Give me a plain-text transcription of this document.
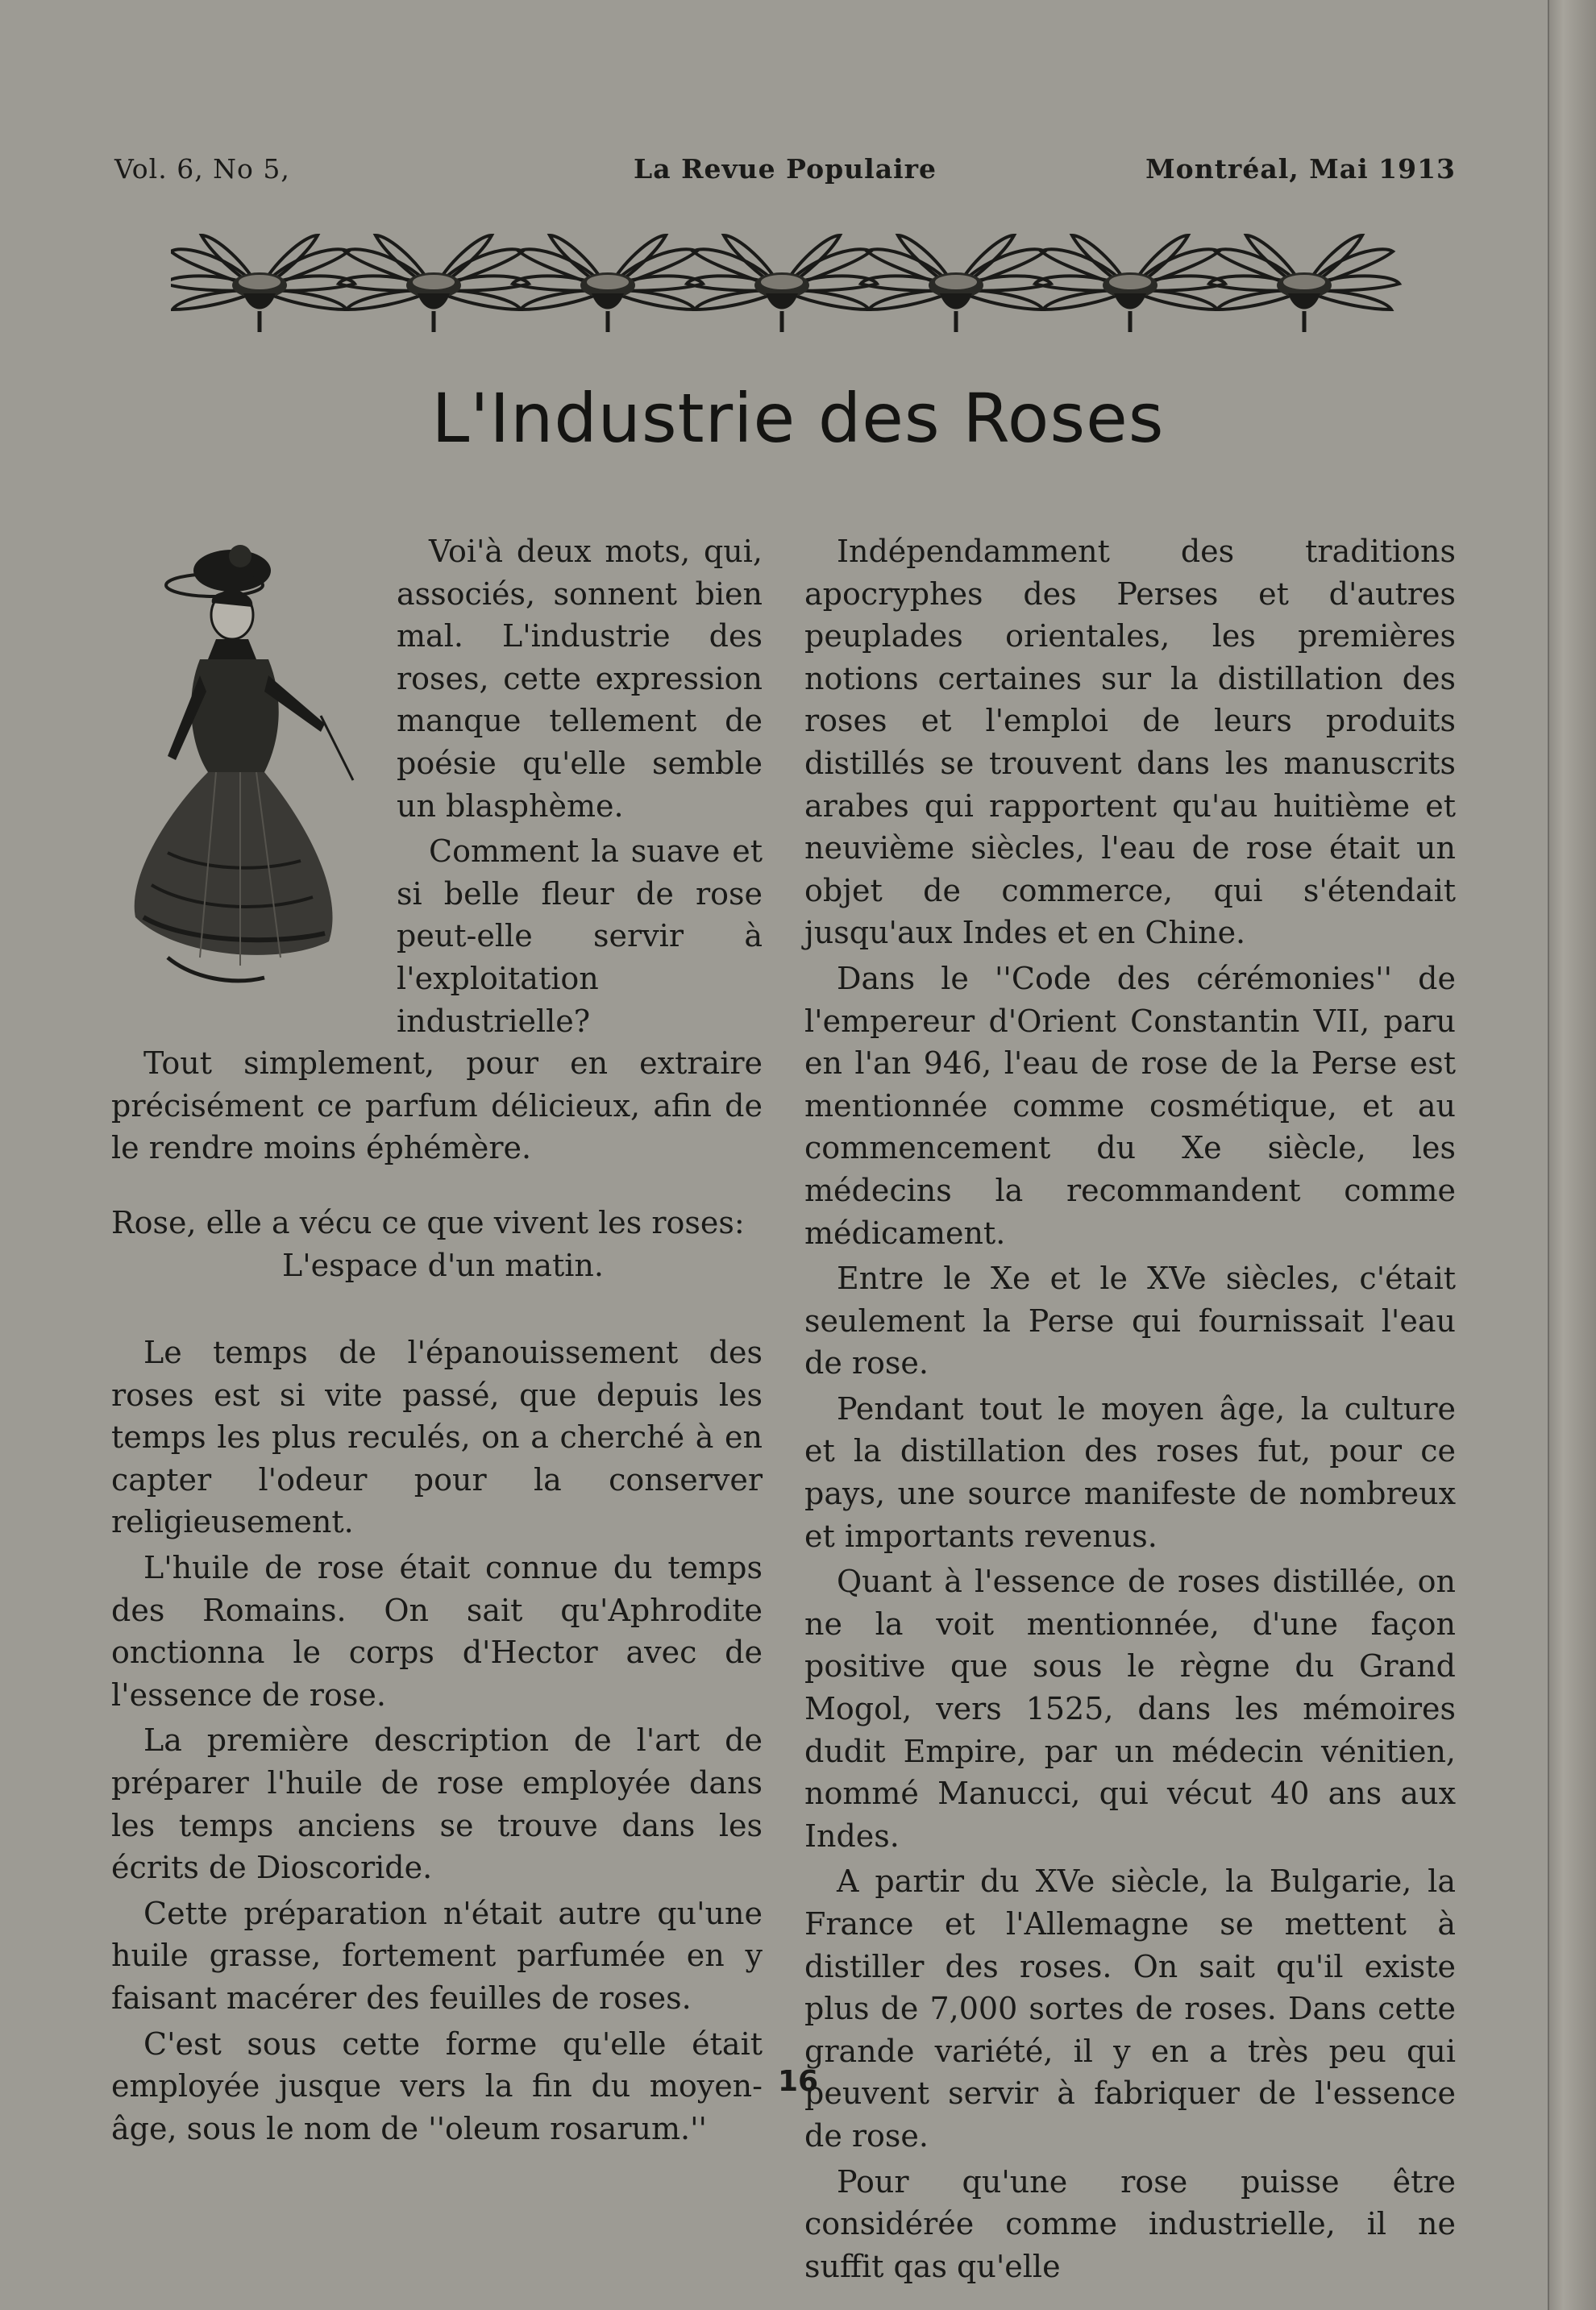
Vol. 6, No 5,	La Revue Populaire	Montréal, Mai 1913
L'Industrie des Roses

Voi'à deux mots, qui, associés, sonnent bien mal. L'industrie des roses, cette expression manque tellement de poésie qu'elle semble un blasphème.

Comment la suave et si belle fleur de rose peut-elle servir à l'exploitation industrielle?

Tout simplement, pour en extraire précisément ce parfum délicieux, afin de le rendre moins éphémère.

Rose, elle a vécu ce que vivent les roses:
L'espace d'un matin.

Le temps de l'épanouissement des roses est si vite passé, que depuis les temps les plus reculés, on a cherché à en capter l'odeur pour la conserver religieusement.

L'huile de rose était connue du temps des Romains. On sait qu'Aphrodite onctionna le corps d'Hector avec de l'essence de rose.

La première description de l'art de préparer l'huile de rose employée dans les temps anciens se trouve dans les écrits de Dioscoride.

Cette préparation n'était autre qu'une huile grasse, fortement parfumée en y faisant macérer des feuilles de roses.

C'est sous cette forme qu'elle était employée jusque vers la fin du moyen-âge, sous le nom de ''oleum rosarum.''

Indépendamment des traditions apocryphes des Perses et d'autres peuplades orientales, les premières notions certaines sur la distillation des roses et l'emploi de leurs produits distillés se trouvent dans les manuscrits arabes qui rapportent qu'au huitième et neuvième siècles, l'eau de rose était un objet de commerce, qui s'étendait jusqu'aux Indes et en Chine.

Dans le ''Code des cérémonies'' de l'empereur d'Orient Constantin VII, paru en l'an 946, l'eau de rose de la Perse est mentionnée comme cosmétique, et au commencement du Xe siècle, les médecins la recommandent comme médicament.

Entre le Xe et le XVe siècles, c'était seulement la Perse qui fournissait l'eau de rose.

Pendant tout le moyen âge, la culture et la distillation des roses fut, pour ce pays, une source manifeste de nombreux et importants revenus.

Quant à l'essence de roses distillée, on ne la voit mentionnée, d'une façon positive que sous le règne du Grand Mogol, vers 1525, dans les mémoires dudit Empire, par un médecin vénitien, nommé Manucci, qui vécut 40 ans aux Indes.

A partir du XVe siècle, la Bulgarie, la France et l'Allemagne se mettent à distiller des roses. On sait qu'il existe plus de 7,000 sortes de roses. Dans cette grande variété, il y en a très peu qui peuvent servir à fabriquer de l'essence de rose.

Pour qu'une rose puisse être considérée comme industrielle, il ne suffit qas qu'elle

16
